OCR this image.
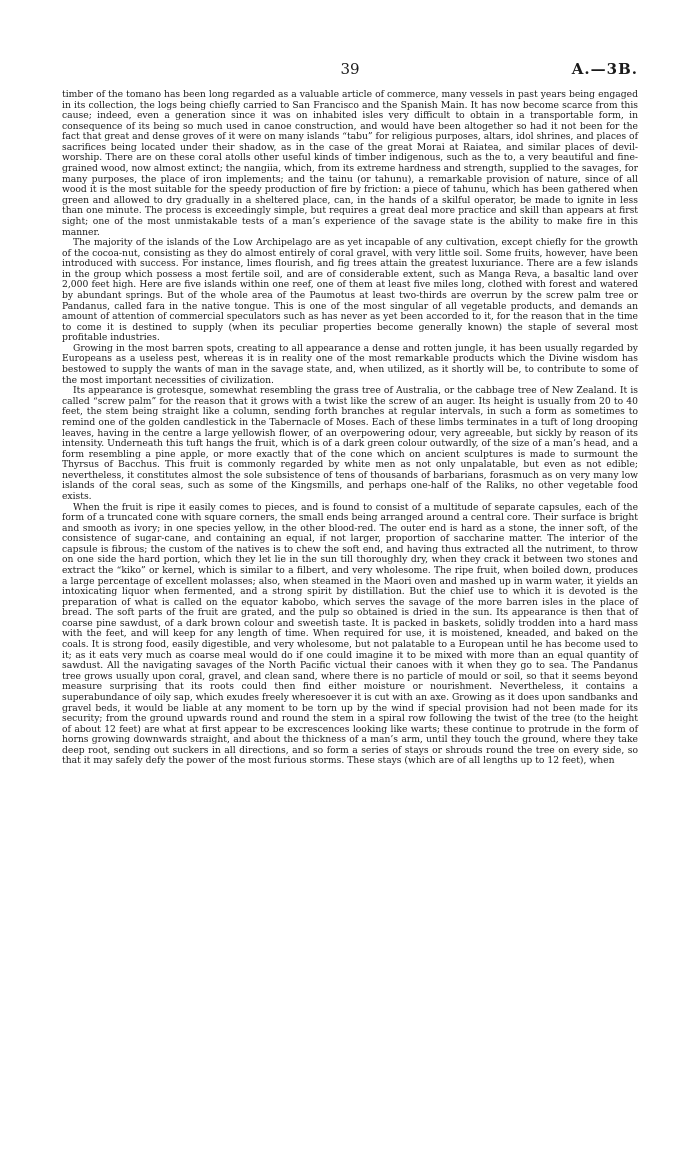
39	A.—3B.

timber of the tomano has been long regarded as a valuable article of commerce, many vessels in past years being engaged in its collection, the logs being chiefly carried to San Francisco and the Spanish Main. It has now become scarce from this cause; indeed, even a generation since it was on inhabited isles very difficult to obtain in a transportable form, in consequence of its being so much used in canoe construction, and would have been altogether so had it not been for the fact that great and dense groves of it were on many islands “tabu” for religious purposes, altars, idol shrines, and places of sacrifices being located under their shadow, as in the case of the great Morai at Raiatea, and similar places of devil-worship. There are on these coral atolls other useful kinds of timber indigenous, such as the to, a very beautiful and fine-grained wood, now almost extinct; the nangiia, which, from its extreme hardness and strength, supplied to the savages, for many purposes, the place of iron implements; and the tainu (or tahunu), a remarkable provision of nature, since of all wood it is the most suitable for the speedy production of fire by friction: a piece of tahunu, which has been gathered when green and allowed to dry gradually in a sheltered place, can, in the hands of a skilful operator, be made to ignite in less than one minute. The process is exceedingly simple, but requires a great deal more practice and skill than appears at first sight; one of the most unmistakable tests of a man’s experience of the savage state is the ability to make fire in this manner.

The majority of the islands of the Low Archipelago are as yet incapable of any cultivation, except chiefly for the growth of the cocoa-nut, consisting as they do almost entirely of coral gravel, with very little soil. Some fruits, however, have been introduced with success. For instance, limes flourish, and fig trees attain the greatest luxuriance. There are a few islands in the group which possess a most fertile soil, and are of considerable extent, such as Manga Reva, a basaltic land over 2,000 feet high. Here are five islands within one reef, one of them at least five miles long, clothed with forest and watered by abundant springs. But of the whole area of the Paumotus at least two-thirds are overrun by the screw palm tree or Pandanus, called fara in the native tongue. This is one of the most singular of all vegetable products, and demands an amount of attention of commercial speculators such as has never as yet been accorded to it, for the reason that in the time to come it is destined to supply (when its peculiar properties become generally known) the staple of several most profitable industries.

Growing in the most barren spots, creating to all appearance a dense and rotten jungle, it has been usually regarded by Europeans as a useless pest, whereas it is in reality one of the most remarkable products which the Divine wisdom has bestowed to supply the wants of man in the savage state, and, when utilized, as it shortly will be, to contribute to some of the most important necessities of civilization.

Its appearance is grotesque, somewhat resembling the grass tree of Australia, or the cabbage tree of New Zealand. It is called “screw palm” for the reason that it grows with a twist like the screw of an auger. Its height is usually from 20 to 40 feet, the stem being straight like a column, sending forth branches at regular intervals, in such a form as sometimes to remind one of the golden candlestick in the Tabernacle of Moses. Each of these limbs terminates in a tuft of long drooping leaves, having in the centre a large yellowish flower, of an overpowering odour, very agreeable, but sickly by reason of its intensity. Underneath this tuft hangs the fruit, which is of a dark green colour outwardly, of the size of a man’s head, and a form resembling a pine apple, or more exactly that of the cone which on ancient sculptures is made to surmount the Thyrsus of Bacchus. This fruit is commonly regarded by white men as not only unpalatable, but even as not edible; nevertheless, it constitutes almost the sole subsistence of tens of thousands of barbarians, forasmuch as on very many low islands of the coral seas, such as some of the Kingsmills, and perhaps one-half of the Raliks, no other vegetable food exists.

When the fruit is ripe it easily comes to pieces, and is found to consist of a multitude of separate capsules, each of the form of a truncated cone with square corners, the small ends being arranged around a central core. Their surface is bright and smooth as ivory; in one species yellow, in the other blood-red. The outer end is hard as a stone, the inner soft, of the consistence of sugar-cane, and containing an equal, if not larger, proportion of saccharine matter. The interior of the capsule is fibrous; the custom of the natives is to chew the soft end, and having thus extracted all the nutriment, to throw on one side the hard portion, which they let lie in the sun till thoroughly dry, when they crack it between two stones and extract the “kiko” or kernel, which is similar to a filbert, and very wholesome. The ripe fruit, when boiled down, produces a large percentage of excellent molasses; also, when steamed in the Maori oven and mashed up in warm water, it yields an intoxicating liquor when fermented, and a strong spirit by distillation. But the chief use to which it is devoted is the preparation of what is called on the equator kabobo, which serves the savage of the more barren isles in the place of bread. The soft parts of the fruit are grated, and the pulp so obtained is dried in the sun. Its appearance is then that of coarse pine sawdust, of a dark brown colour and sweetish taste. It is packed in baskets, solidly trodden into a hard mass with the feet, and will keep for any length of time. When required for use, it is moistened, kneaded, and baked on the coals. It is strong food, easily digestible, and very wholesome, but not palatable to a European until he has become used to it; as it eats very much as coarse meal would do if one could imagine it to be mixed with more than an equal quantity of sawdust. All the navigating savages of the North Pacific victual their canoes with it when they go to sea. The Pandanus tree grows usually upon coral, gravel, and clean sand, where there is no particle of mould or soil, so that it seems beyond measure surprising that its roots could then find either moisture or nourishment. Nevertheless, it contains a superabundance of oily sap, which exudes freely wheresoever it is cut with an axe. Growing as it does upon sandbanks and gravel beds, it would be liable at any moment to be torn up by the wind if special provision had not been made for its security; from the ground upwards round and round the stem in a spiral row following the twist of the tree (to the height of about 12 feet) are what at first appear to be excrescences looking like warts; these continue to protrude in the form of horns growing downwards straight, and about the thickness of a man’s arm, until they touch the ground, where they take deep root, sending out suckers in all directions, and so form a series of stays or shrouds round the tree on every side, so that it may safely defy the power of the most furious storms. These stays (which are of all lengths up to 12 feet), when
